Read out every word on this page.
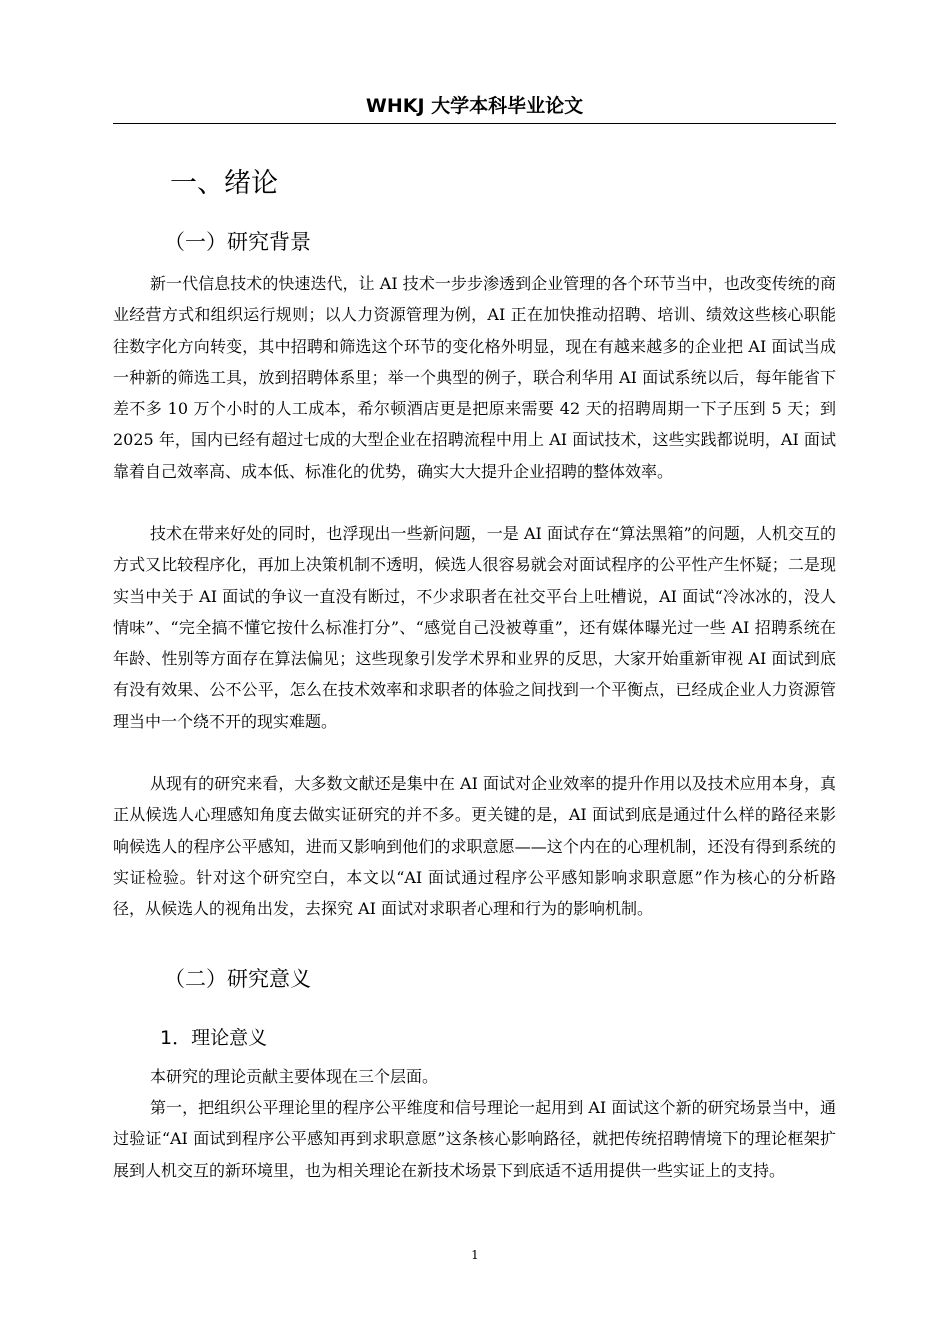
WHKJ 大学本科毕业论文
一、绪论
（一）研究背景

新一代信息技术的快速迭代，让 AI 技术一步步渗透到企业管理的各个环节当中，也改变传统的商业经营方式和组织运行规则；以人力资源管理为例，AI 正在加快推动招聘、培训、绩效这些核心职能往数字化方向转变，其中招聘和筛选这个环节的变化格外明显，现在有越来越多的企业把 AI 面试当成一种新的筛选工具，放到招聘体系里；举一个典型的例子，联合利华用 AI 面试系统以后，每年能省下差不多 10 万个小时的人工成本，希尔顿酒店更是把原来需要 42 天的招聘周期一下子压到 5 天；到 2025 年，国内已经有超过七成的大型企业在招聘流程中用上 AI 面试技术，这些实践都说明，AI 面试靠着自己效率高、成本低、标准化的优势，确实大大提升企业招聘的整体效率。

技术在带来好处的同时，也浮现出一些新问题，一是 AI 面试存在“算法黑箱”的问题，人机交互的方式又比较程序化，再加上决策机制不透明，候选人很容易就会对面试程序的公平性产生怀疑；二是现实当中关于 AI 面试的争议一直没有断过，不少求职者在社交平台上吐槽说，AI 面试“冷冰冰的，没人情味”、“完全搞不懂它按什么标准打分”、“感觉自己没被尊重”，还有媒体曝光过一些 AI 招聘系统在年龄、性别等方面存在算法偏见；这些现象引发学术界和业界的反思，大家开始重新审视 AI 面试到底有没有效果、公不公平，怎么在技术效率和求职者的体验之间找到一个平衡点，已经成企业人力资源管理当中一个绕不开的现实难题。

从现有的研究来看，大多数文献还是集中在 AI 面试对企业效率的提升作用以及技术应用本身，真正从候选人心理感知角度去做实证研究的并不多。更关键的是，AI 面试到底是通过什么样的路径来影响候选人的程序公平感知，进而又影响到他们的求职意愿——这个内在的心理机制，还没有得到系统的实证检验。针对这个研究空白，本文以“AI 面试通过程序公平感知影响求职意愿”作为核心的分析路径，从候选人的视角出发，去探究 AI 面试对求职者心理和行为的影响机制。

（二）研究意义
1．理论意义

本研究的理论贡献主要体现在三个层面。

第一，把组织公平理论里的程序公平维度和信号理论一起用到 AI 面试这个新的研究场景当中，通过验证“AI 面试到程序公平感知再到求职意愿”这条核心影响路径，就把传统招聘情境下的理论框架扩展到人机交互的新环境里，也为相关理论在新技术场景下到底适不适用提供一些实证上的支持。

1
